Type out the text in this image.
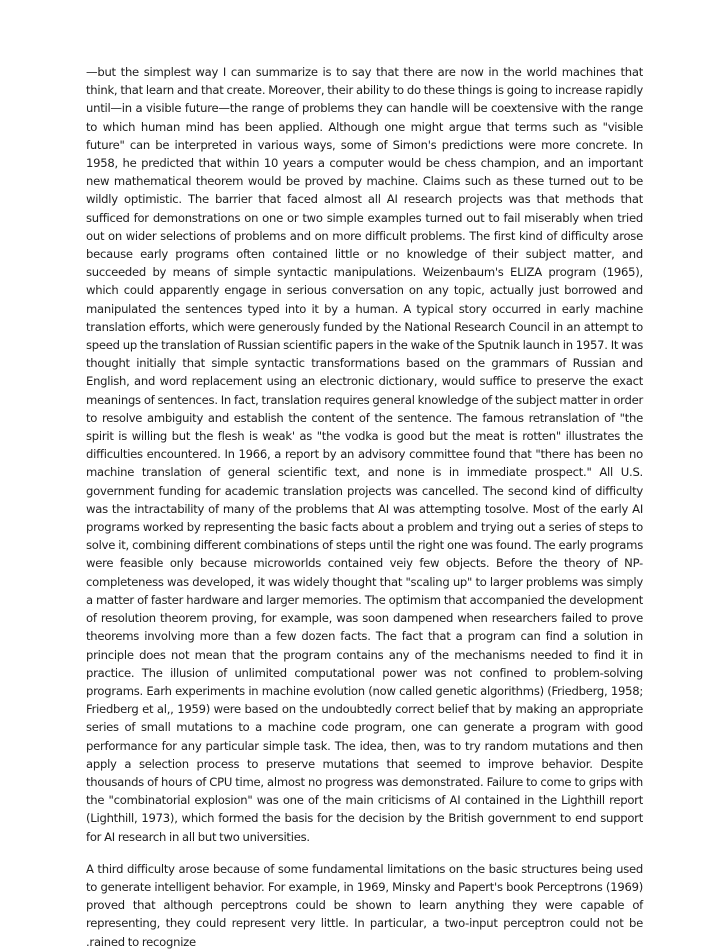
—but the simplest way I can summarize is to say that there are now in the world machines that think, that learn and that create. Moreover, their ability to do these things is going to increase rapidly until—in a visible future—the range of problems they can handle will be coextensive with the range to which human mind has been applied. Although one might argue that terms such as "visible future" can be interpreted in various ways, some of Simon's predictions were more concrete. In 1958, he predicted that within 10 years a computer would be chess champion, and an important new mathematical theorem would be proved by machine. Claims such as these turned out to be wildly optimistic. The barrier that faced almost all AI research projects was that methods that sufficed for demonstrations on one or two simple examples turned out to fail miserably when tried out on wider selections of problems and on more difficult problems. The first kind of difficulty arose because early programs often contained little or no knowledge of their subject matter, and succeeded by means of simple syntactic manipulations. Weizenbaum's ELIZA program (1965), which could apparently engage in serious conversation on any topic, actually just borrowed and manipulated the sentences typed into it by a human. A typical story occurred in early machine translation efforts, which were generously funded by the National Research Council in an attempt to speed up the translation of Russian scientific papers in the wake of the Sputnik launch in 1957. It was thought initially that simple syntactic transformations based on the grammars of Russian and English, and word replacement using an electronic dictionary, would suffice to preserve the exact meanings of sentences. In fact, translation requires general knowledge of the subject matter in order to resolve ambiguity and establish the content of the sentence. The famous retranslation of "the spirit is willing but the flesh is weak' as "the vodka is good but the meat is rotten" illustrates the difficulties encountered. In 1966, a report by an advisory committee found that "there has been no machine translation of general scientific text, and none is in immediate prospect." All U.S. government funding for academic translation projects was cancelled. The second kind of difficulty was the intractability of many of the problems that AI was attempting tosolve. Most of the early AI programs worked by representing the basic facts about a problem and trying out a series of steps to solve it, combining different combinations of steps until the right one was found. The early programs were feasible only because microworlds contained veiy few objects. Before the theory of NP-completeness was developed, it was widely thought that "scaling up" to larger problems was simply a matter of faster hardware and larger memories. The optimism that accompanied the development of resolution theorem proving, for example, was soon dampened when researchers failed to prove theorems involving more than a few dozen facts. The fact that a program can find a solution in principle does not mean that the program contains any of the mechanisms needed to find it in practice. The illusion of unlimited computational power was not confined to problem-solving programs. Earh experiments in machine evolution (now called genetic algorithms) (Friedberg, 1958; Friedberg et al,, 1959) were based on the undoubtedly correct belief that by making an appropriate series of small mutations to a machine code program, one can generate a program with good performance for any particular simple task. The idea, then, was to try random mutations and then apply a selection process to preserve mutations that seemed to improve behavior. Despite thousands of hours of CPU time, almost no progress was demonstrated. Failure to come to grips with the "combinatorial explosion" was one of the main criticisms of AI contained in the Lighthill report (Lighthill, 1973), which formed the basis for the decision by the British government to end support for AI research in all but two universities.

A third difficulty arose because of some fundamental limitations on the basic structures being used to generate intelligent behavior. For example, in 1969, Minsky and Papert's book Perceptrons (1969) proved that although perceptrons could be shown to learn anything they were capable of representing, they could represent very little. In particular, a two-input perceptron could not be .rained to recognize
